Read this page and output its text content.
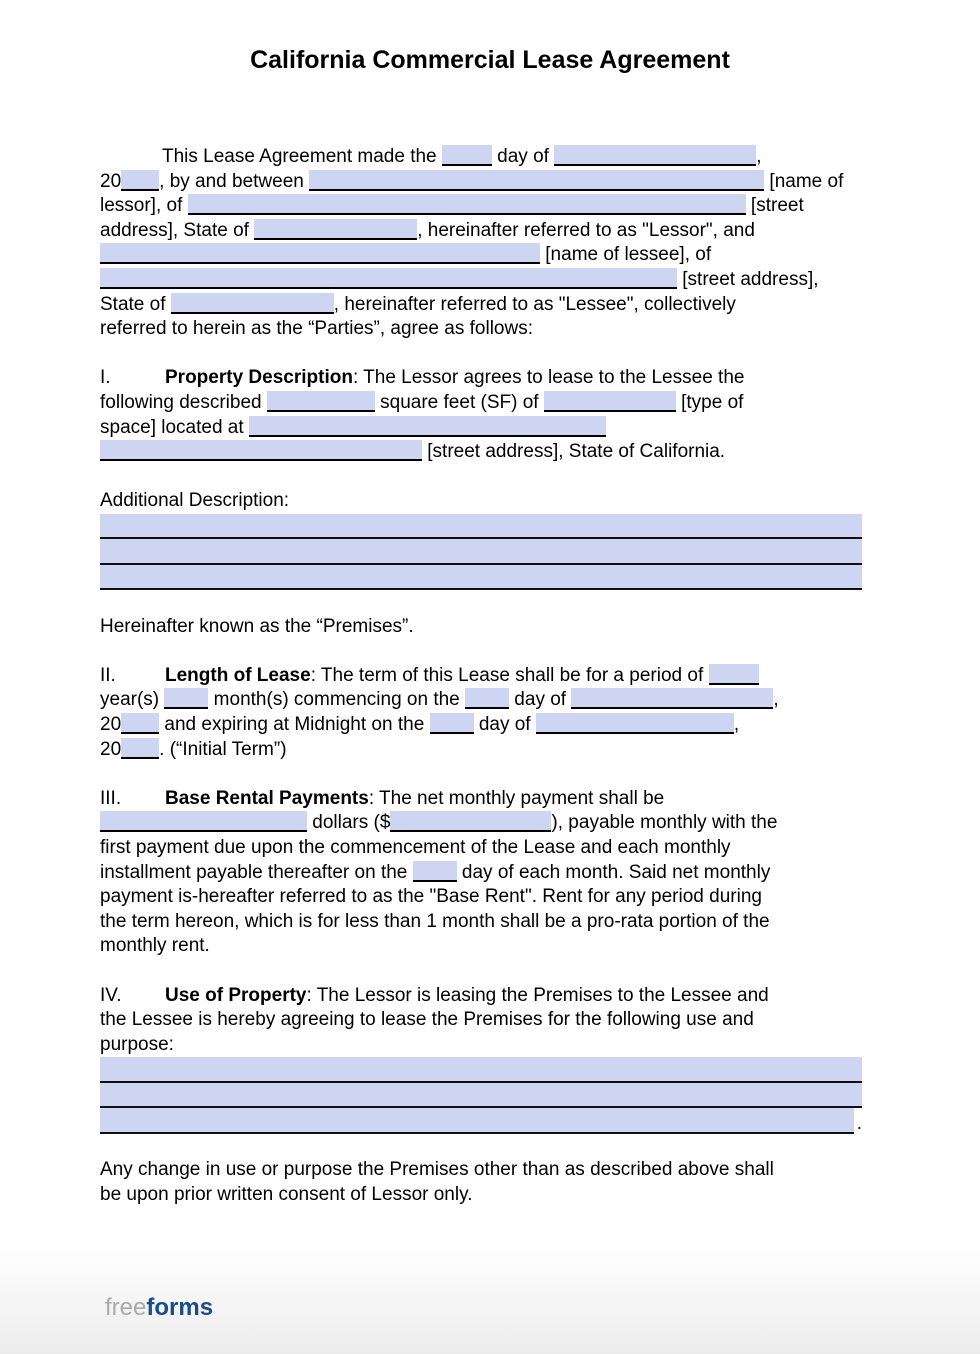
California Commercial Lease Agreement
This Lease Agreement made the	day of	,
20 , by and between	[name of
lessor], of	[street
address], State of	, hereinafter referred to as "Lessor", and
[name of lessee], of
[street address],
State of	, hereinafter referred to as "Lessee", collectively
referred to herein as the “Parties”, agree as follows:
I.	Property Description: The Lessor agrees to lease to the Lessee the
following described	square feet (SF) of	[type of
space] located at
[street address], State of California.
Additional Description:
Hereinafter known as the “Premises”.
II.	Length of Lease: The term of this Lease shall be for a period of
year(s)  month(s) commencing on the  day of	,
20 and expiring at Midnight on the  day of	,
20 . (“Initial Term”)
III. Base Rental Payments: The net monthly payment shall be
dollars ($	), payable monthly with the
first payment due upon the commencement of the Lease and each monthly
installment payable thereafter on the  day of each month. Said net monthly
payment is-hereafter referred to as the "Base Rent". Rent for any period during
the term hereon, which is for less than 1 month shall be a pro-rata portion of the
monthly rent.
IV. Use of Property: The Lessor is leasing the Premises to the Lessee and
the Lessee is hereby agreeing to lease the Premises for the following use and
purpose:
.
Any change in use or purpose the Premises other than as described above shall
be upon prior written consent of Lessor only.
freeforms
